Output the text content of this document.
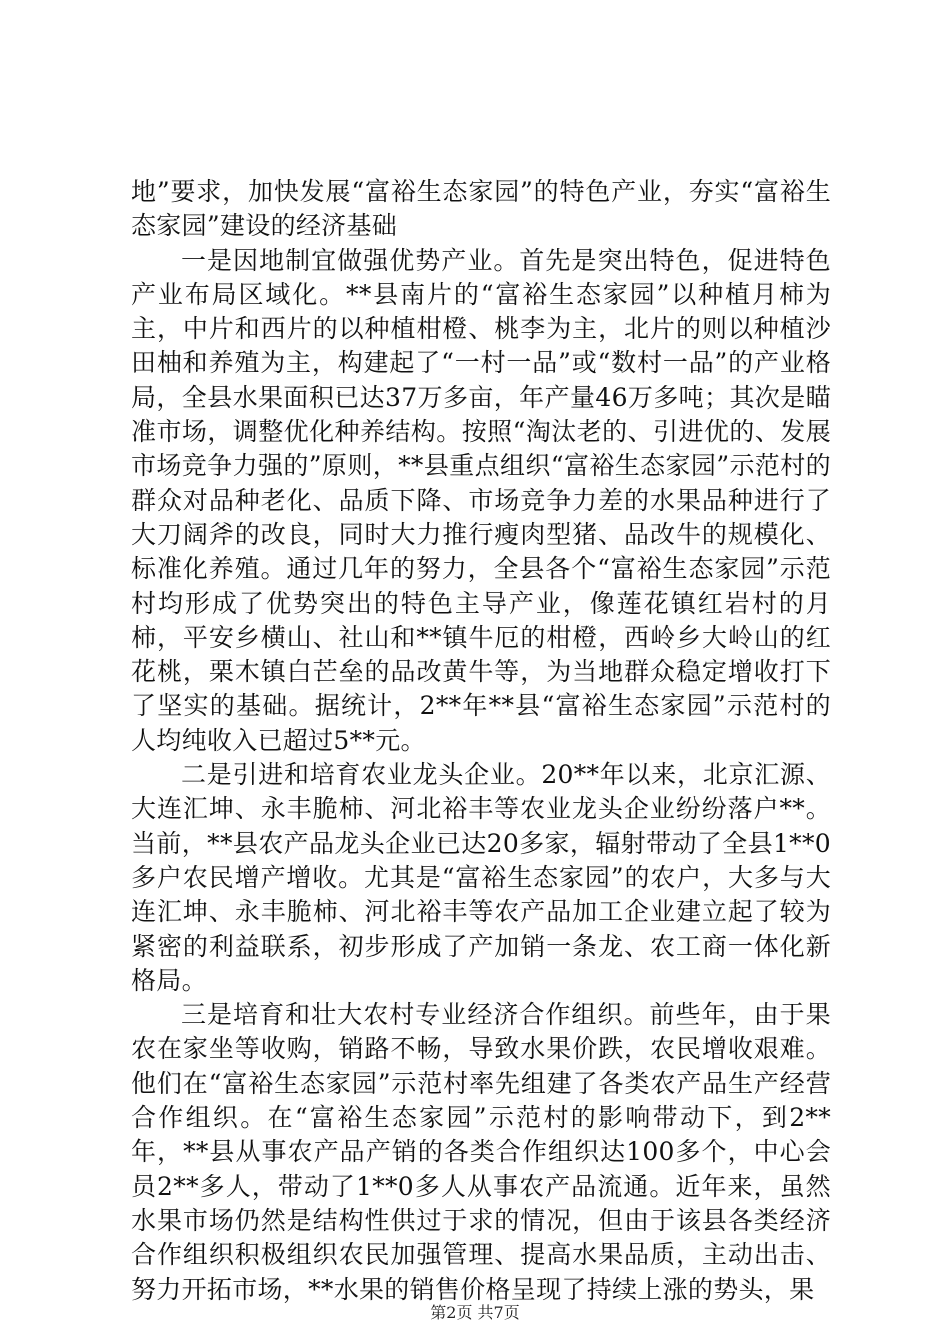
地”要求，加快发展“富裕生态家园”的特色产业，夯实“富裕生态家园”建设的经济基础

一是因地制宜做强优势产业。首先是突出特色，促进特色产业布局区域化。**县南片的“富裕生态家园”以种植月柿为主，中片和西片的以种植柑橙、桃李为主，北片的则以种植沙田柚和养殖为主，构建起了“一村一品”或“数村一品”的产业格局，全县水果面积已达37万多亩，年产量46万多吨；其次是瞄准市场，调整优化种养结构。按照“淘汰老的、引进优的、发展市场竞争力强的”原则，**县重点组织“富裕生态家园”示范村的群众对品种老化、品质下降、市场竞争力差的水果品种进行了大刀阔斧的改良，同时大力推行瘦肉型猪、品改牛的规模化、标准化养殖。通过几年的努力，全县各个“富裕生态家园”示范村均形成了优势突出的特色主导产业，像莲花镇红岩村的月柿，平安乡横山、社山和**镇牛厄的柑橙，西岭乡大岭山的红花桃，栗木镇白芒垒的品改黄牛等，为当地群众稳定增收打下了坚实的基础。据统计，2**年**县“富裕生态家园”示范村的人均纯收入已超过5**元。

二是引进和培育农业龙头企业。20**年以来，北京汇源、大连汇坤、永丰脆柿、河北裕丰等农业龙头企业纷纷落户**。当前，**县农产品龙头企业已达20多家，辐射带动了全县1**0多户农民增产增收。尤其是“富裕生态家园”的农户，大多与大连汇坤、永丰脆柿、河北裕丰等农产品加工企业建立起了较为紧密的利益联系，初步形成了产加销一条龙、农工商一体化新格局。

三是培育和壮大农村专业经济合作组织。前些年，由于果农在家坐等收购，销路不畅，导致水果价跌，农民增收艰难。他们在“富裕生态家园”示范村率先组建了各类农产品生产经营合作组织。在“富裕生态家园”示范村的影响带动下，到2**年，**县从事农产品产销的各类合作组织达100多个，中心会员2**多人，带动了1**0多人从事农产品流通。近年来，虽然水果市场仍然是结构性供过于求的情况，但由于该县各类经济合作组织积极组织农民加强管理、提高水果品质，主动出击、努力开拓市场，**水果的销售价格呈现了持续上涨的势头，果

第2页 共7页
